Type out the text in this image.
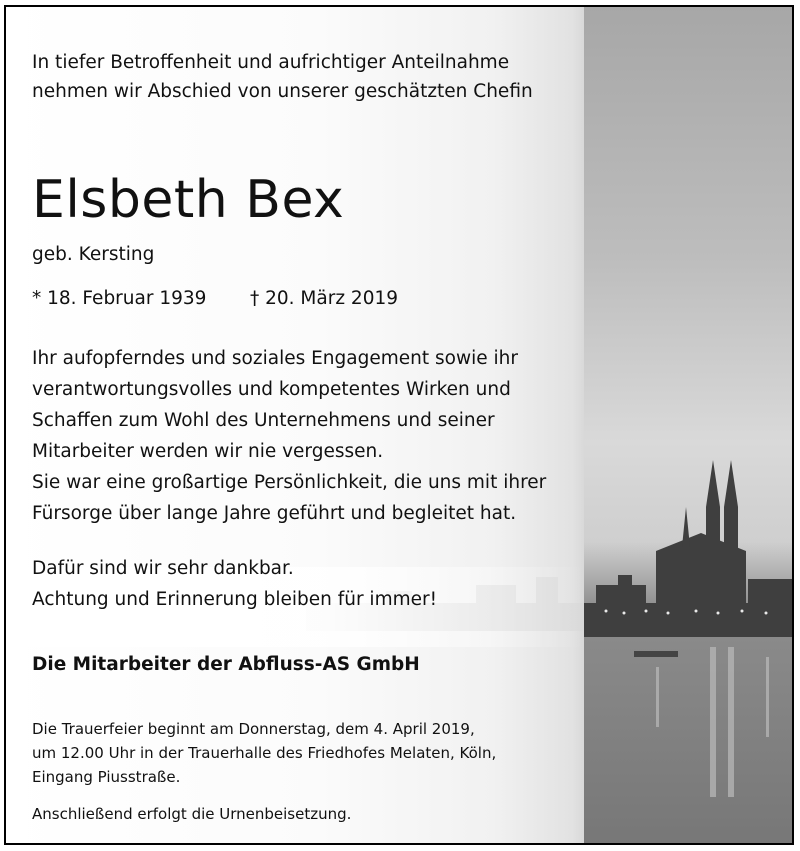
In tiefer Betroffenheit und aufrichtiger Anteilnahme
nehmen wir Abschied von unserer geschätzten Chefin
Elsbeth Bex
geb. Kersting
* 18. Februar 1939 † 20. März 2019
Ihr aufopferndes und soziales Engagement sowie ihr
verantwortungsvolles und kompetentes Wirken und
Schaffen zum Wohl des Unternehmens und seiner
Mitarbeiter werden wir nie vergessen.
Sie war eine großartige Persönlichkeit, die uns mit ihrer
Fürsorge über lange Jahre geführt und begleitet hat.
Dafür sind wir sehr dankbar.
Achtung und Erinnerung bleiben für immer!
Die Mitarbeiter der Abfluss-AS GmbH
Die Trauerfeier beginnt am Donnerstag, dem 4. April 2019,
um 12.00 Uhr in der Trauerhalle des Friedhofes Melaten, Köln,
Eingang Piusstraße.
Anschließend erfolgt die Urnenbeisetzung.
